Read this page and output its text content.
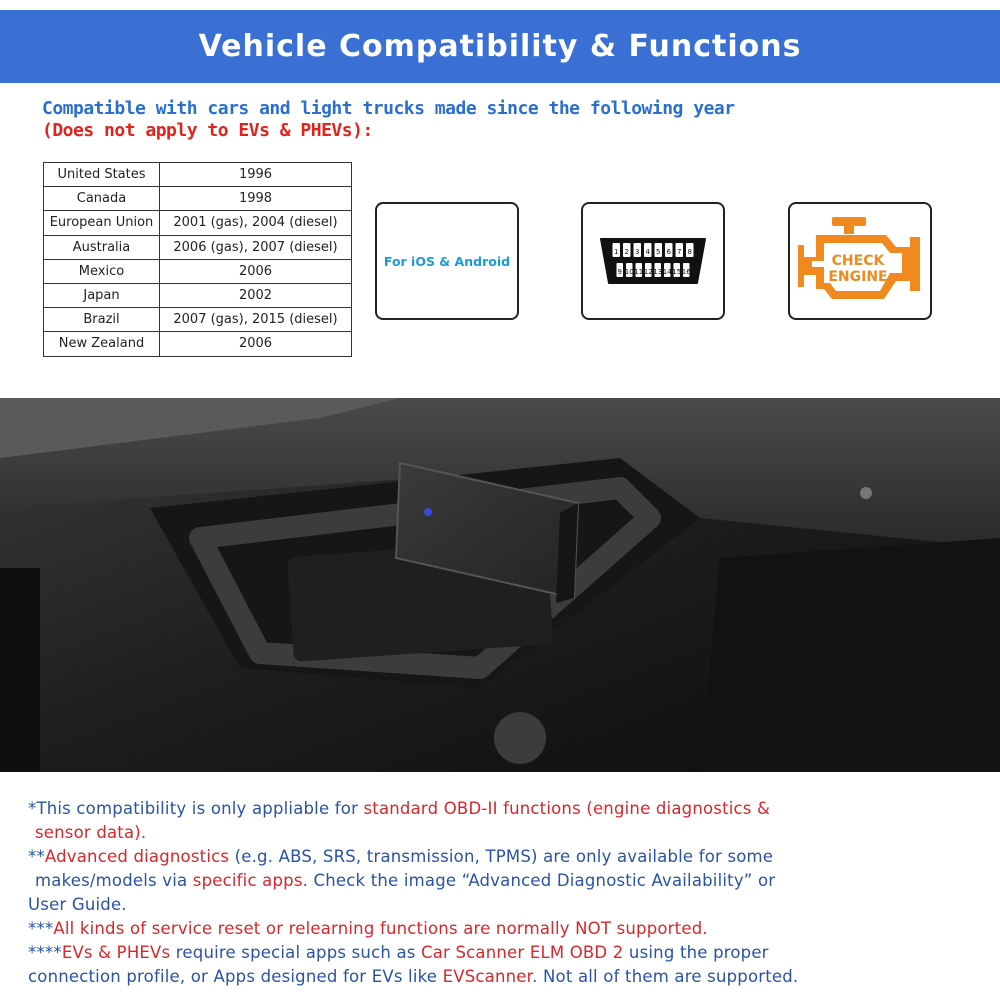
Vehicle Compatibility & Functions
Compatible with cars and light trucks made since the following year
(Does not apply to EVs & PHEVs):
United States	1996
Canada	1998
European Union	2001 (gas), 2004 (diesel)
Australia	2006 (gas), 2007 (diesel)
Mexico	2006
Japan	2002
Brazil	2007 (gas), 2015 (diesel)
New Zealand	2006
For iOS & Android
1 2 3 4 5 6 7 8
9 10 11 12 13 14 15 16
CHECK
ENGINE

*This compatibility is only appliable for standard OBD-II functions (engine diagnostics &

sensor data).

**Advanced diagnostics (e.g. ABS, SRS, transmission, TPMS) are only available for some

makes/models via specific apps. Check the image “Advanced Diagnostic Availability” or

User Guide.

***All kinds of service reset or relearning functions are normally NOT supported.

****EVs & PHEVs require special apps such as Car Scanner ELM OBD 2 using the proper

connection profile, or Apps designed for EVs like EVScanner. Not all of them are supported.
